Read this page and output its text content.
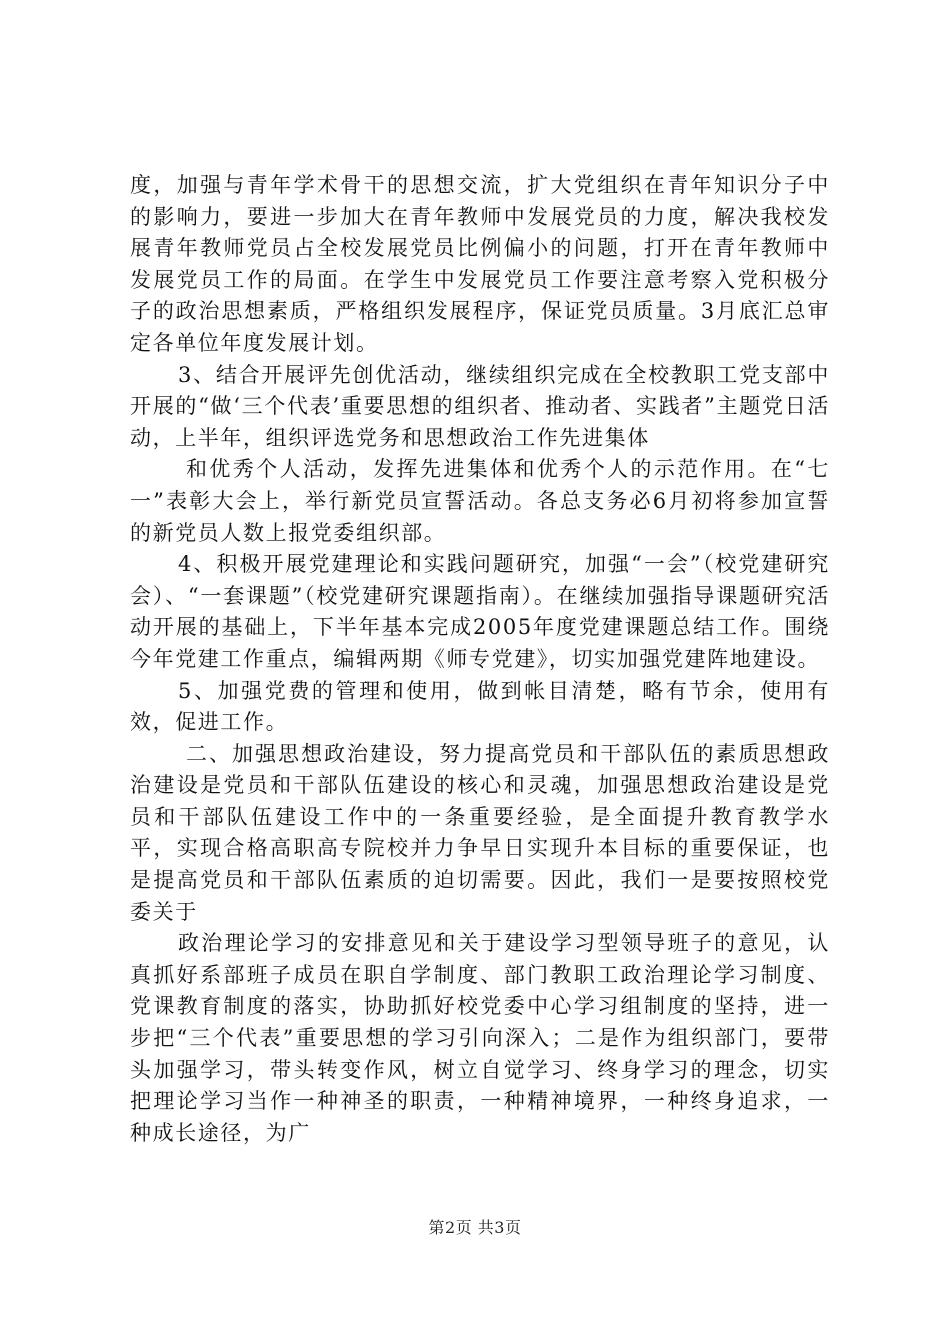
度，加强与青年学术骨干的思想交流，扩大党组织在青年知识分子中的影响力，要进一步加大在青年教师中发展党员的力度，解决我校发展青年教师党员占全校发展党员比例偏小的问题，打开在青年教师中发展党员工作的局面。在学生中发展党员工作要注意考察入党积极分子的政治思想素质，严格组织发展程序，保证党员质量。3月底汇总审定各单位年度发展计划。

3、结合开展评先创优活动，继续组织完成在全校教职工党支部中开展的“做‘三个代表’重要思想的组织者、推动者、实践者”主题党日活动，上半年，组织评选党务和思想政治工作先进集体

和优秀个人活动，发挥先进集体和优秀个人的示范作用。在“七一”表彰大会上，举行新党员宣誓活动。各总支务必6月初将参加宣誓的新党员人数上报党委组织部。

4、积极开展党建理论和实践问题研究，加强“一会”（校党建研究会）、“一套课题”（校党建研究课题指南）。在继续加强指导课题研究活动开展的基础上，下半年基本完成2005年度党建课题总结工作。围绕今年党建工作重点，编辑两期《师专党建》，切实加强党建阵地建设。

5、加强党费的管理和使用，做到帐目清楚，略有节余，使用有效，促进工作。

二、加强思想政治建设，努力提高党员和干部队伍的素质思想政治建设是党员和干部队伍建设的核心和灵魂，加强思想政治建设是党员和干部队伍建设工作中的一条重要经验，是全面提升教育教学水平，实现合格高职高专院校并力争早日实现升本目标的重要保证，也是提高党员和干部队伍素质的迫切需要。因此，我们一是要按照校党委关于

政治理论学习的安排意见和关于建设学习型领导班子的意见，认真抓好系部班子成员在职自学制度、部门教职工政治理论学习制度、党课教育制度的落实，协助抓好校党委中心学习组制度的坚持，进一步把“三个代表”重要思想的学习引向深入；二是作为组织部门，要带头加强学习，带头转变作风，树立自觉学习、终身学习的理念，切实把理论学习当作一种神圣的职责，一种精神境界，一种终身追求，一种成长途径，为广

第2页 共3页
